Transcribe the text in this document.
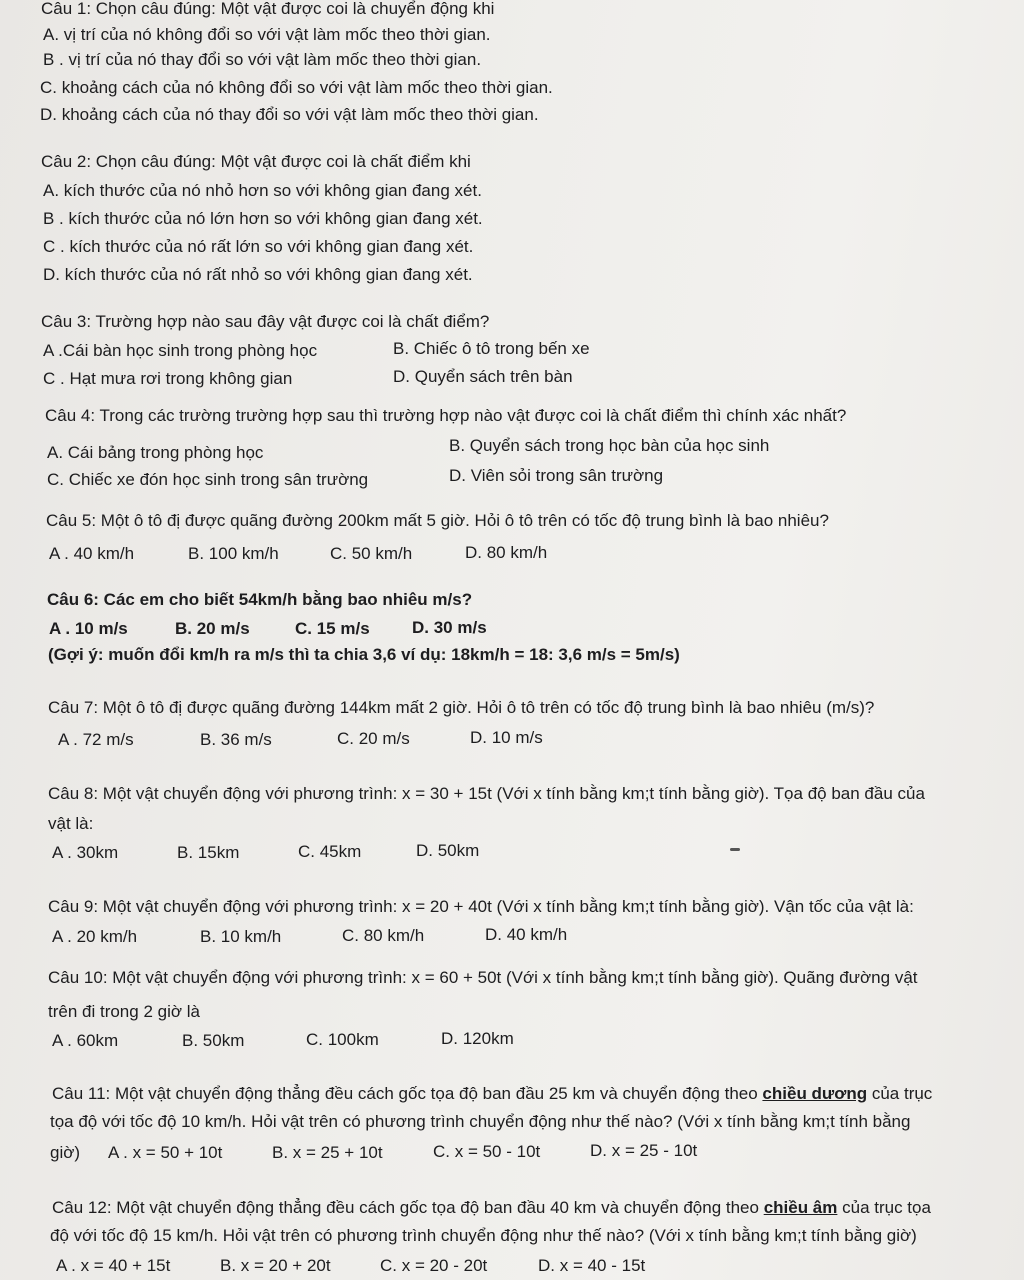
Câu 1: Chọn câu đúng: Một vật được coi là chuyển động khi
A. vị trí của nó không đổi so với vật làm mốc theo thời gian.
B . vị trí của nó thay đổi so với vật làm mốc theo thời gian.
C. khoảng cách của nó không đổi so với vật làm mốc theo thời gian.
D. khoảng cách của nó thay đổi so với vật làm mốc theo thời gian.
Câu 2: Chọn câu đúng: Một vật được coi là chất điểm khi
A. kích thước của nó nhỏ hơn so với không gian đang xét.
B . kích thước của nó lớn hơn so với không gian đang xét.
C . kích thước của nó rất lớn so với không gian đang xét.
D. kích thước của nó rất nhỏ so với không gian đang xét.
Câu 3: Trường hợp nào sau đây vật được coi là chất điểm?
A .Cái bàn học sinh trong phòng học	B. Chiếc ô tô trong bến xe
C . Hạt mưa rơi trong không gian	D. Quyển sách trên bàn
Câu 4: Trong các trường trường hợp sau thì trường hợp nào vật được coi là chất điểm thì chính xác nhất?
A. Cái bảng trong phòng học	B. Quyển sách trong học bàn của học sinh
C. Chiếc xe đón học sinh trong sân trường	D. Viên sỏi trong sân trường
Câu 5: Một ô tô đị được quãng đường 200km mất 5 giờ. Hỏi ô tô trên có tốc độ trung bình là bao nhiêu?
A . 40 km/h	B. 100 km/h	C. 50 km/h	D. 80 km/h
Câu 6: Các em cho biết 54km/h bằng bao nhiêu m/s?
A . 10 m/s	B. 20 m/s	C. 15 m/s D. 30 m/s
(Gợi ý: muốn đổi km/h ra m/s thì ta chia 3,6 ví dụ: 18km/h = 18: 3,6 m/s = 5m/s)
Câu 7: Một ô tô đị được quãng đường 144km mất 2 giờ. Hỏi ô tô trên có tốc độ trung bình là bao nhiêu (m/s)?
A . 72 m/s	B. 36 m/s	C. 20 m/s	D. 10 m/s
Câu 8: Một vật chuyển động với phương trình: x = 30 + 15t (Với x tính bằng km;t tính bằng giờ). Tọa độ ban đầu của
vật là:
A . 30km	B. 15km	C. 45km	D. 50km
Câu 9: Một vật chuyển động với phương trình: x = 20 + 40t (Với x tính bằng km;t tính bằng giờ). Vận tốc của vật là:
A . 20 km/h	B. 10 km/h	C. 80 km/h	D. 40 km/h
Câu 10: Một vật chuyển động với phương trình: x = 60 + 50t (Với x tính bằng km;t tính bằng giờ). Quãng đường vật
trên đi trong 2 giờ là
A . 60km	B. 50km	C. 100km	D. 120km
Câu 11: Một vật chuyển động thẳng đều cách gốc tọa độ ban đầu 25 km và chuyển động theo chiều dương của trục
tọa độ với tốc độ 10 km/h. Hỏi vật trên có phương trình chuyển động như thế nào? (Với x tính bằng km;t tính bằng
giờ) A . x = 50 + 10t	B. x = 25 + 10t	C. x = 50 - 10t	D. x = 25 - 10t
Câu 12: Một vật chuyển động thẳng đều cách gốc tọa độ ban đầu 40 km và chuyển động theo chiều âm của trục tọa
độ với tốc độ 15 km/h. Hỏi vật trên có phương trình chuyển động như thế nào? (Với x tính bằng km;t tính bằng giờ)
A . x = 40 + 15t	B. x = 20 + 20t	C. x = 20 - 20t	D. x = 40 - 15t
